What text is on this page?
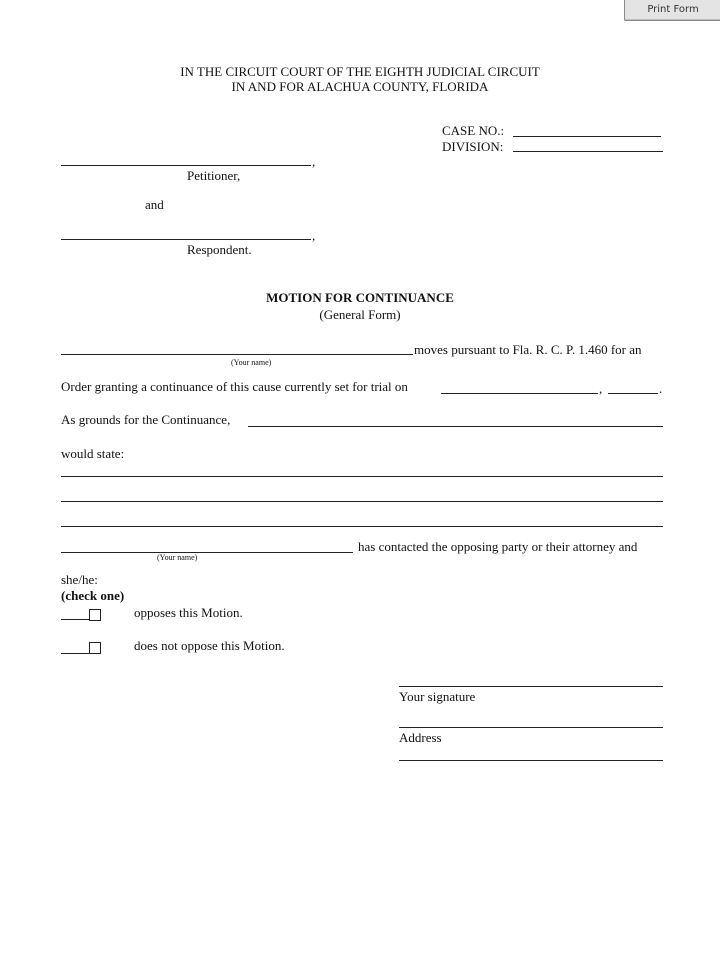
Print Form
IN THE CIRCUIT COURT OF THE EIGHTH JUDICIAL CIRCUIT
IN AND FOR ALACHUA COUNTY, FLORIDA
CASE NO.:
DIVISION:
,
Petitioner,
and
,
Respondent.
MOTION FOR CONTINUANCE
(General Form)
moves pursuant to Fla. R. C. P. 1.460 for an
(Your name)
Order granting a continuance of this cause currently set for trial on	,	.
As grounds for the Continuance,
would state:
has contacted the opposing party or their attorney and
(Your name)
she/he:
(check one)
opposes this Motion.
does not oppose this Motion.
Your signature
Address
